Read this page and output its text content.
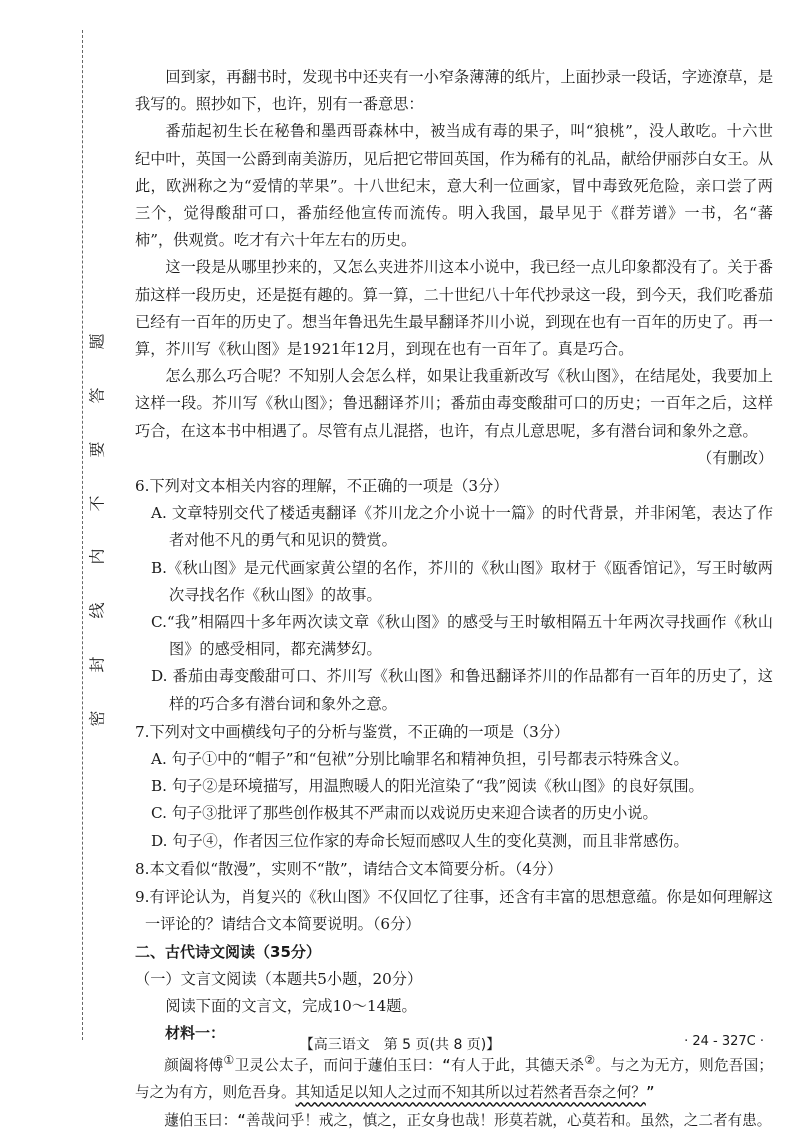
题
答
要
不
内
线
封
密

回到家，再翻书时，发现书中还夹有一小窄条薄薄的纸片，上面抄录一段话，字迹潦草，是我写的。照抄如下，也许，别有一番意思：

番茄起初生长在秘鲁和墨西哥森林中，被当成有毒的果子，叫“狼桃”，没人敢吃。十六世纪中叶，英国一公爵到南美游历，见后把它带回英国，作为稀有的礼品，献给伊丽莎白女王。从此，欧洲称之为“爱情的苹果”。十八世纪末，意大利一位画家，冒中毒致死危险，亲口尝了两三个，觉得酸甜可口，番茄经他宣传而流传。明入我国，最早见于《群芳谱》一书，名“蕃柿”，供观赏。吃才有六十年左右的历史。

这一段是从哪里抄来的，又怎么夹进芥川这本小说中，我已经一点儿印象都没有了。关于番茄这样一段历史，还是挺有趣的。算一算，二十世纪八十年代抄录这一段，到今天，我们吃番茄已经有一百年的历史了。想当年鲁迅先生最早翻译芥川小说，到现在也有一百年的历史了。再一算，芥川写《秋山图》是1921年12月，到现在也有一百年了。真是巧合。

怎么那么巧合呢？不知别人会怎么样，如果让我重新改写《秋山图》，在结尾处，我要加上这样一段。芥川写《秋山图》；鲁迅翻译芥川；番茄由毒变酸甜可口的历史；一百年之后，这样巧合，在这本书中相遇了。尽管有点儿混搭，也许，有点儿意思呢，多有潜台词和象外之意。

（有删改）

6.下列对文本相关内容的理解，不正确的一项是（3分）

A. 文章特别交代了楼适夷翻译《芥川龙之介小说十一篇》的时代背景，并非闲笔，表达了作者对他不凡的勇气和见识的赞赏。

B.《秋山图》是元代画家黄公望的名作，芥川的《秋山图》取材于《瓯香馆记》，写王时敏两次寻找名作《秋山图》的故事。

C.“我”相隔四十多年两次读文章《秋山图》的感受与王时敏相隔五十年两次寻找画作《秋山图》的感受相同，都充满梦幻。

D. 番茄由毒变酸甜可口、芥川写《秋山图》和鲁迅翻译芥川的作品都有一百年的历史了，这样的巧合多有潜台词和象外之意。

7.下列对文中画横线句子的分析与鉴赏，不正确的一项是（3分）

A. 句子①中的“帽子”和“包袱”分别比喻罪名和精神负担，引号都表示特殊含义。

B. 句子②是环境描写，用温煦暖人的阳光渲染了“我”阅读《秋山图》的良好氛围。

C. 句子③批评了那些创作极其不严肃而以戏说历史来迎合读者的历史小说。

D. 句子④，作者因三位作家的寿命长短而感叹人生的变化莫测，而且非常感伤。

8.本文看似“散漫”，实则不“散”，请结合文本简要分析。（4分）

9.有评论认为，肖复兴的《秋山图》不仅回忆了往事，还含有丰富的思想意蕴。你是如何理解这一评论的？请结合文本简要说明。（6分）

二、古代诗文阅读（35分）

（一）文言文阅读（本题共5小题，20分）

阅读下面的文言文，完成10～14题。

材料一：

颜阖将傅①卫灵公太子，而问于蘧伯玉曰：“有人于此，其德天杀②。与之为无方，则危吾国；与之为有方，则危吾身。其知适足以知人之过而不知其所以过若然者吾奈之何？”

蘧伯玉曰：“善哉问乎！戒之，慎之，正女身也哉！形莫若就，心莫若和。虽然，之二者有患。

【高三语文　第 5 页(共 8 页)】	· 24 - 327C ·
